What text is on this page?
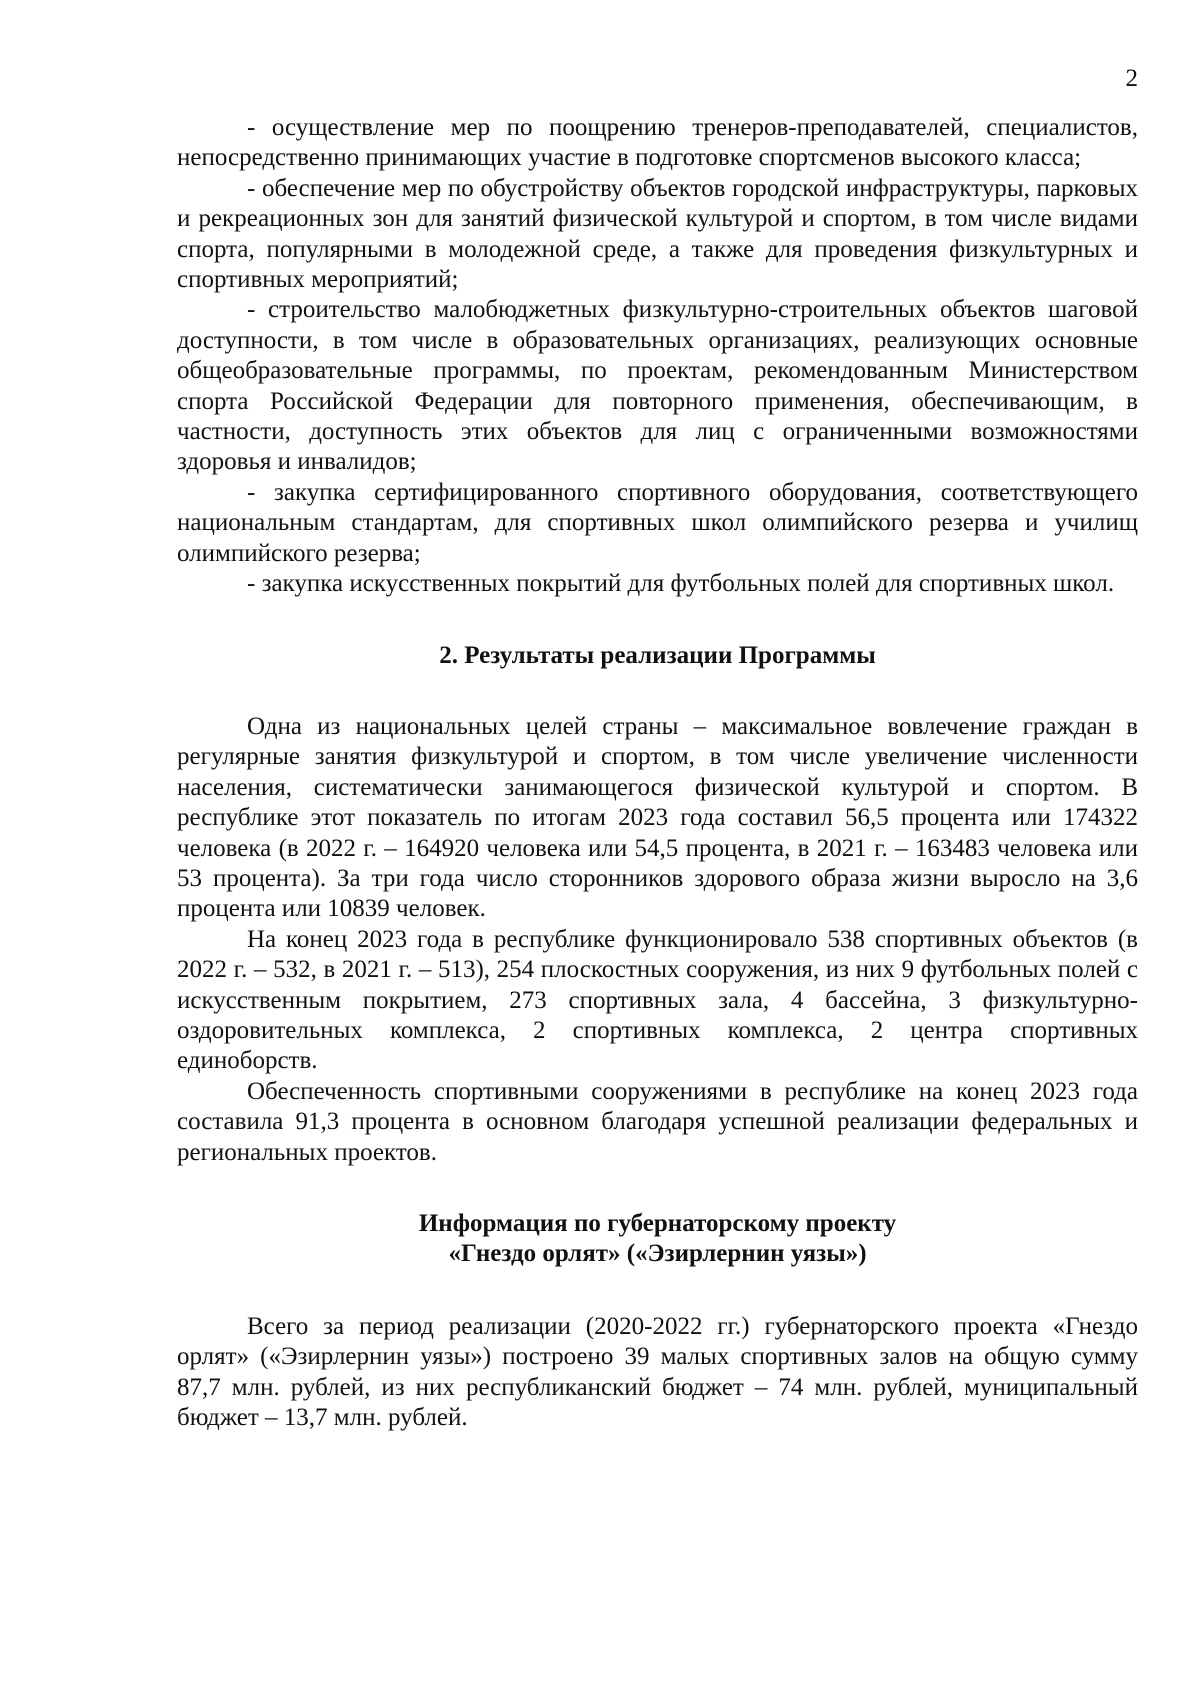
2

- осуществление мер по поощрению тренеров-преподавателей, специалистов, непосредственно принимающих участие в подготовке спортсменов высокого класса;

- обеспечение мер по обустройству объектов городской инфраструктуры, парковых и рекреационных зон для занятий физической культурой и спортом, в том числе видами спорта, популярными в молодежной среде, а также для проведения физкультурных и спортивных мероприятий;

- строительство малобюджетных физкультурно-строительных объектов шаговой доступности, в том числе в образовательных организациях, реализующих основные общеобразовательные программы, по проектам, рекомендованным Министерством спорта Российской Федерации для повторного применения, обеспечивающим, в частности, доступность этих объектов для лиц с ограниченными возможностями здоровья и инвалидов;

- закупка сертифицированного спортивного оборудования, соответствующего национальным стандартам, для спортивных школ олимпийского резерва и училищ олимпийского резерва;

- закупка искусственных покрытий для футбольных полей для спортивных школ.

2. Результаты реализации Программы

Одна из национальных целей страны – максимальное вовлечение граждан в регулярные занятия физкультурой и спортом, в том числе увеличение численности населения, систематически занимающегося физической культурой и спортом. В республике этот показатель по итогам 2023 года составил 56,5 процента или 174322 человека (в 2022 г. – 164920 человека или 54,5 процента, в 2021 г. – 163483 человека или 53 процента). За три года число сторонников здорового образа жизни выросло на 3,6 процента или 10839 человек.

На конец 2023 года в республике функционировало 538 спортивных объектов (в 2022 г. – 532, в 2021 г. – 513), 254 плоскостных сооружения, из них 9 футбольных полей с искусственным покрытием, 273 спортивных зала, 4 бассейна, 3 физкультурно-оздоровительных комплекса, 2 спортивных комплекса, 2 центра спортивных единоборств.

Обеспеченность спортивными сооружениями в республике на конец 2023 года составила 91,3 процента в основном благодаря успешной реализации федеральных и региональных проектов.

Информация по губернаторскому проекту
«Гнездо орлят» («Эзирлернин уязы»)

Всего за период реализации (2020-2022 гг.) губернаторского проекта «Гнездо орлят» («Эзирлернин уязы») построено 39 малых спортивных залов на общую сумму 87,7 млн. рублей, из них республиканский бюджет – 74 млн. рублей, муниципальный бюджет – 13,7 млн. рублей.
